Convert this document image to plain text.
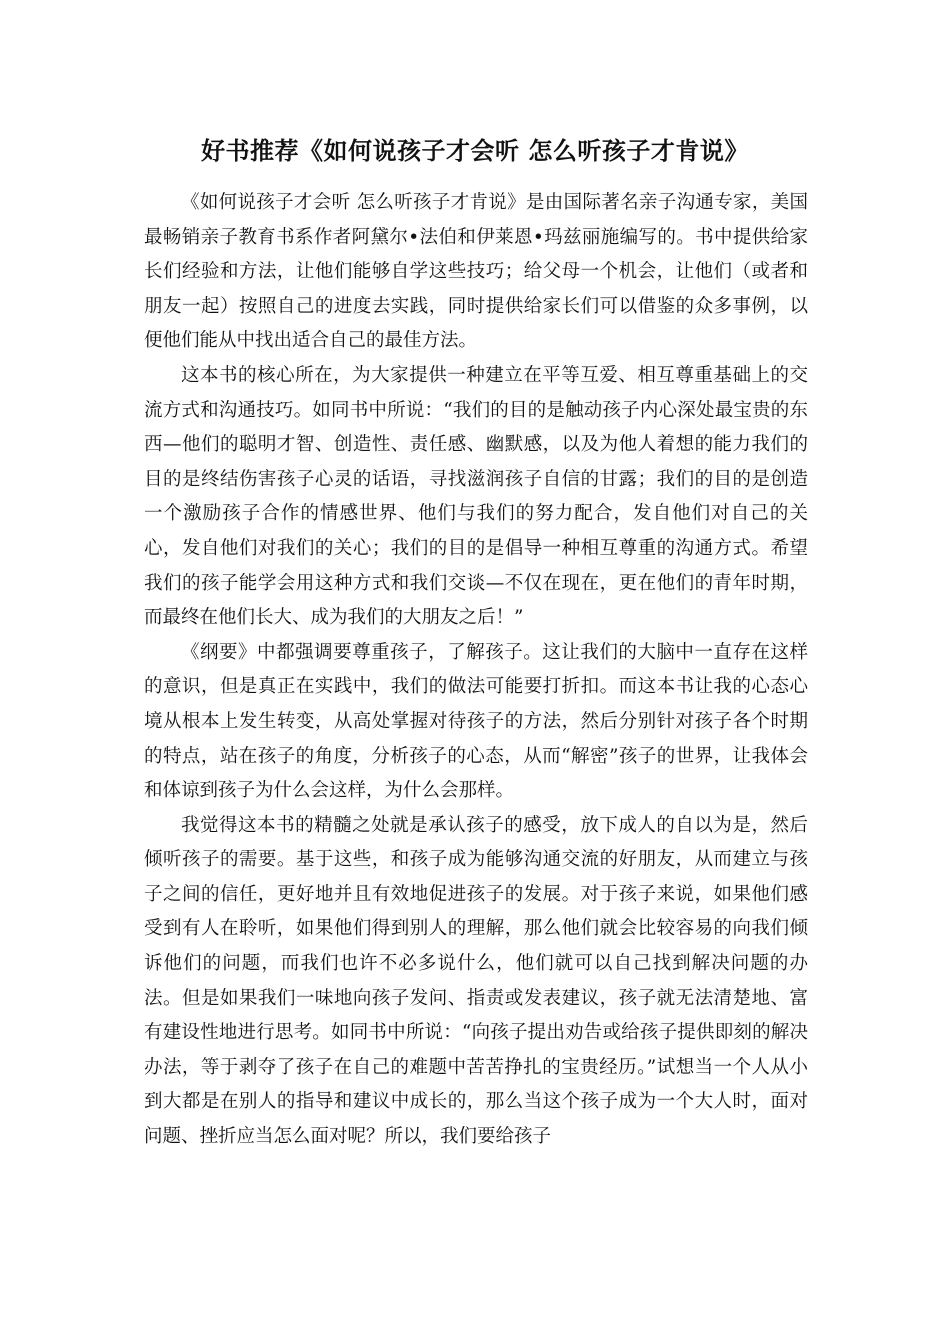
好书推荐《如何说孩子才会听 怎么听孩子才肯说》

《如何说孩子才会听 怎么听孩子才肯说》是由国际著名亲子沟通专家，美国最畅销亲子教育书系作者阿黛尔•法伯和伊莱恩•玛兹丽施编写的。书中提供给家长们经验和方法，让他们能够自学这些技巧；给父母一个机会，让他们（或者和朋友一起）按照自己的进度去实践，同时提供给家长们可以借鉴的众多事例，以便他们能从中找出适合自己的最佳方法。

这本书的核心所在，为大家提供一种建立在平等互爱、相互尊重基础上的交流方式和沟通技巧。如同书中所说：“我们的目的是触动孩子内心深处最宝贵的东西—他们的聪明才智、创造性、责任感、幽默感，以及为他人着想的能力我们的目的是终结伤害孩子心灵的话语，寻找滋润孩子自信的甘露；我们的目的是创造一个激励孩子合作的情感世界、他们与我们的努力配合，发自他们对自己的关心，发自他们对我们的关心；我们的目的是倡导一种相互尊重的沟通方式。希望我们的孩子能学会用这种方式和我们交谈—不仅在现在，更在他们的青年时期，而最终在他们长大、成为我们的大朋友之后！”

《纲要》中都强调要尊重孩子，了解孩子。这让我们的大脑中一直存在这样的意识，但是真正在实践中，我们的做法可能要打折扣。而这本书让我的心态心境从根本上发生转变，从高处掌握对待孩子的方法，然后分别针对孩子各个时期的特点，站在孩子的角度，分析孩子的心态，从而“解密”孩子的世界，让我体会和体谅到孩子为什么会这样，为什么会那样。

我觉得这本书的精髓之处就是承认孩子的感受，放下成人的自以为是，然后倾听孩子的需要。基于这些，和孩子成为能够沟通交流的好朋友，从而建立与孩子之间的信任，更好地并且有效地促进孩子的发展。对于孩子来说，如果他们感受到有人在聆听，如果他们得到别人的理解，那么他们就会比较容易的向我们倾诉他们的问题，而我们也许不必多说什么，他们就可以自己找到解决问题的办法。但是如果我们一味地向孩子发问、指责或发表建议，孩子就无法清楚地、富有建设性地进行思考。如同书中所说：“向孩子提出劝告或给孩子提供即刻的解决办法，等于剥夺了孩子在自己的难题中苦苦挣扎的宝贵经历。”试想当一个人从小到大都是在别人的指导和建议中成长的，那么当这个孩子成为一个大人时，面对问题、挫折应当怎么面对呢？所以，我们要给孩子
